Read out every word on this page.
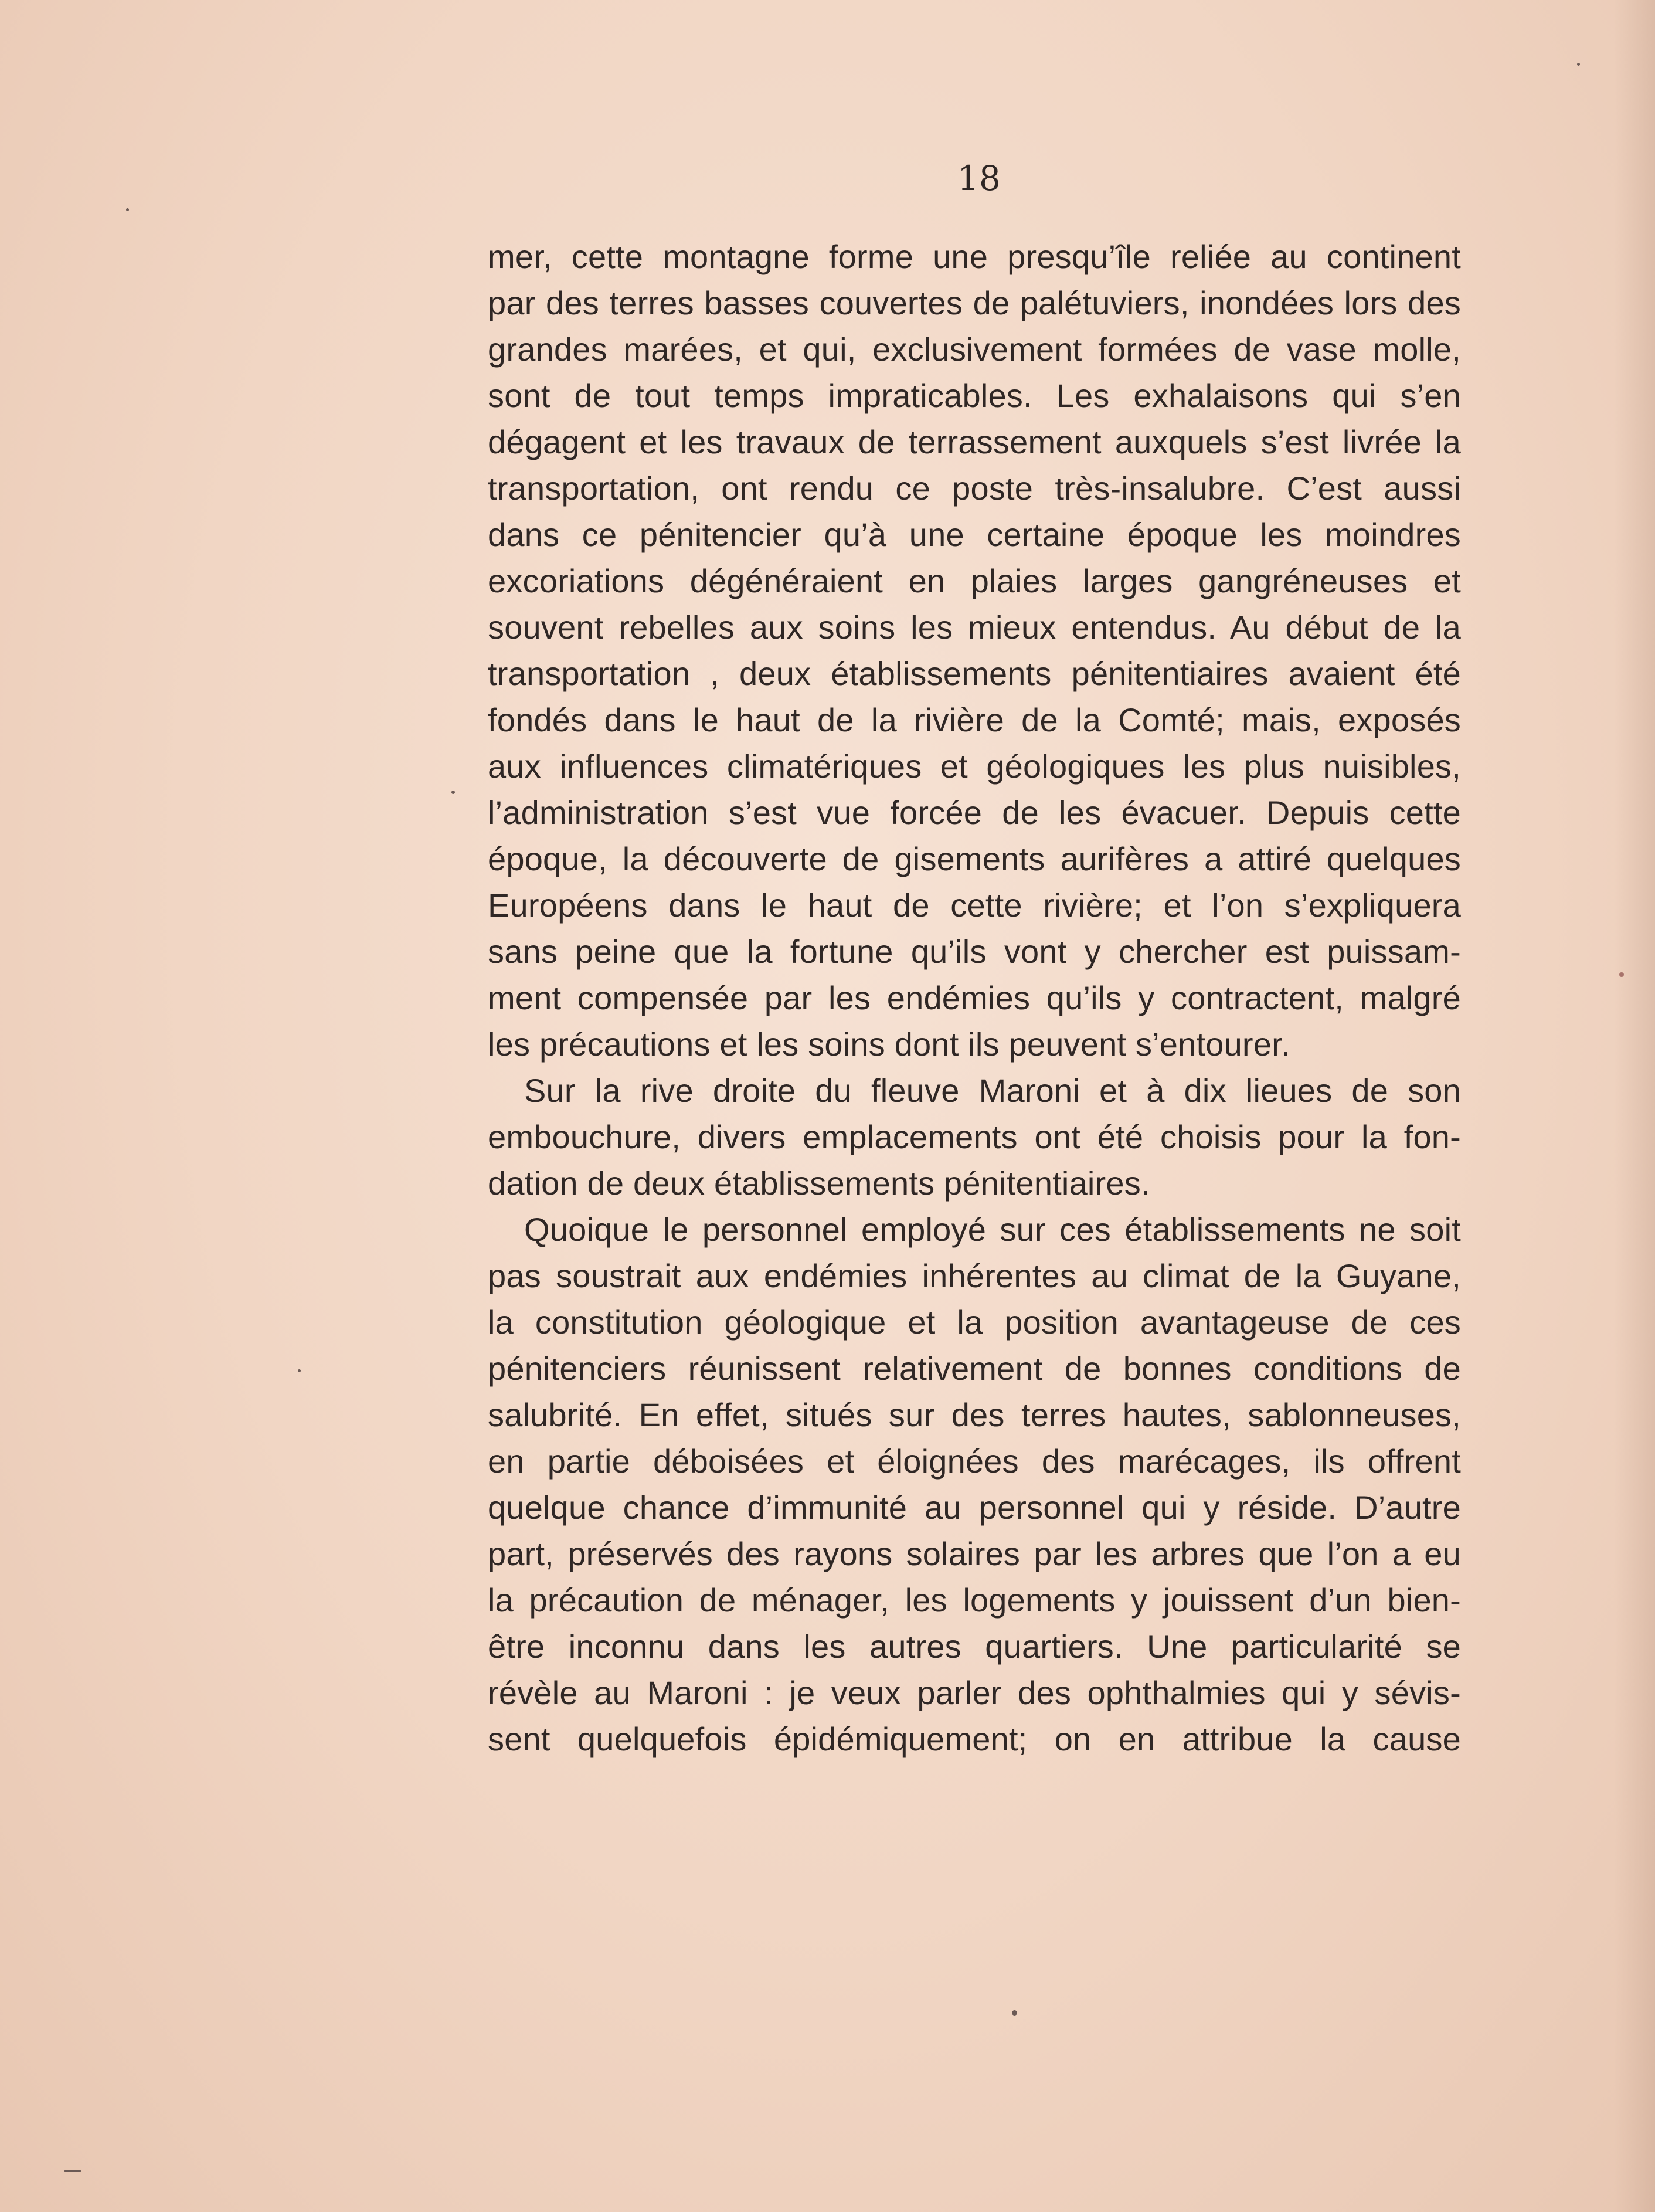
18
mer, cette montagne forme une presqu’île reliée au continent
par des terres basses couvertes de palétuviers, inondées lors des
grandes marées, et qui, exclusivement formées de vase molle,
sont de tout temps impraticables. Les exhalaisons qui s’en
dégagent et les travaux de terrassement auxquels s’est livrée la
transportation, ont rendu ce poste très-insalubre. C’est aussi
dans ce pénitencier qu’à une certaine époque les moindres
excoriations dégénéraient en plaies larges gangréneuses et
souvent rebelles aux soins les mieux entendus. Au début de la
transportation , deux établissements pénitentiaires avaient été
fondés dans le haut de la rivière de la Comté; mais, exposés
aux influences climatériques et géologiques les plus nuisibles,
l’administration s’est vue forcée de les évacuer. Depuis cette
époque, la découverte de gisements aurifères a attiré quelques
Européens dans le haut de cette rivière; et l’on s’expliquera
sans peine que la fortune qu’ils vont y chercher est puissam-
ment compensée par les endémies qu’ils y contractent, malgré
les précautions et les soins dont ils peuvent s’entourer.
Sur la rive droite du fleuve Maroni et à dix lieues de son
embouchure, divers emplacements ont été choisis pour la fon-
dation de deux établissements pénitentiaires.
Quoique le personnel employé sur ces établissements ne soit
pas soustrait aux endémies inhérentes au climat de la Guyane,
la constitution géologique et la position avantageuse de ces
pénitenciers réunissent relativement de bonnes conditions de
salubrité. En effet, situés sur des terres hautes, sablonneuses,
en partie déboisées et éloignées des marécages, ils offrent
quelque chance d’immunité au personnel qui y réside. D’autre
part, préservés des rayons solaires par les arbres que l’on a eu
la précaution de ménager, les logements y jouissent d’un bien-
être inconnu dans les autres quartiers. Une particularité se
révèle au Maroni : je veux parler des ophthalmies qui y sévis-
sent quelquefois épidémiquement; on en attribue la cause
